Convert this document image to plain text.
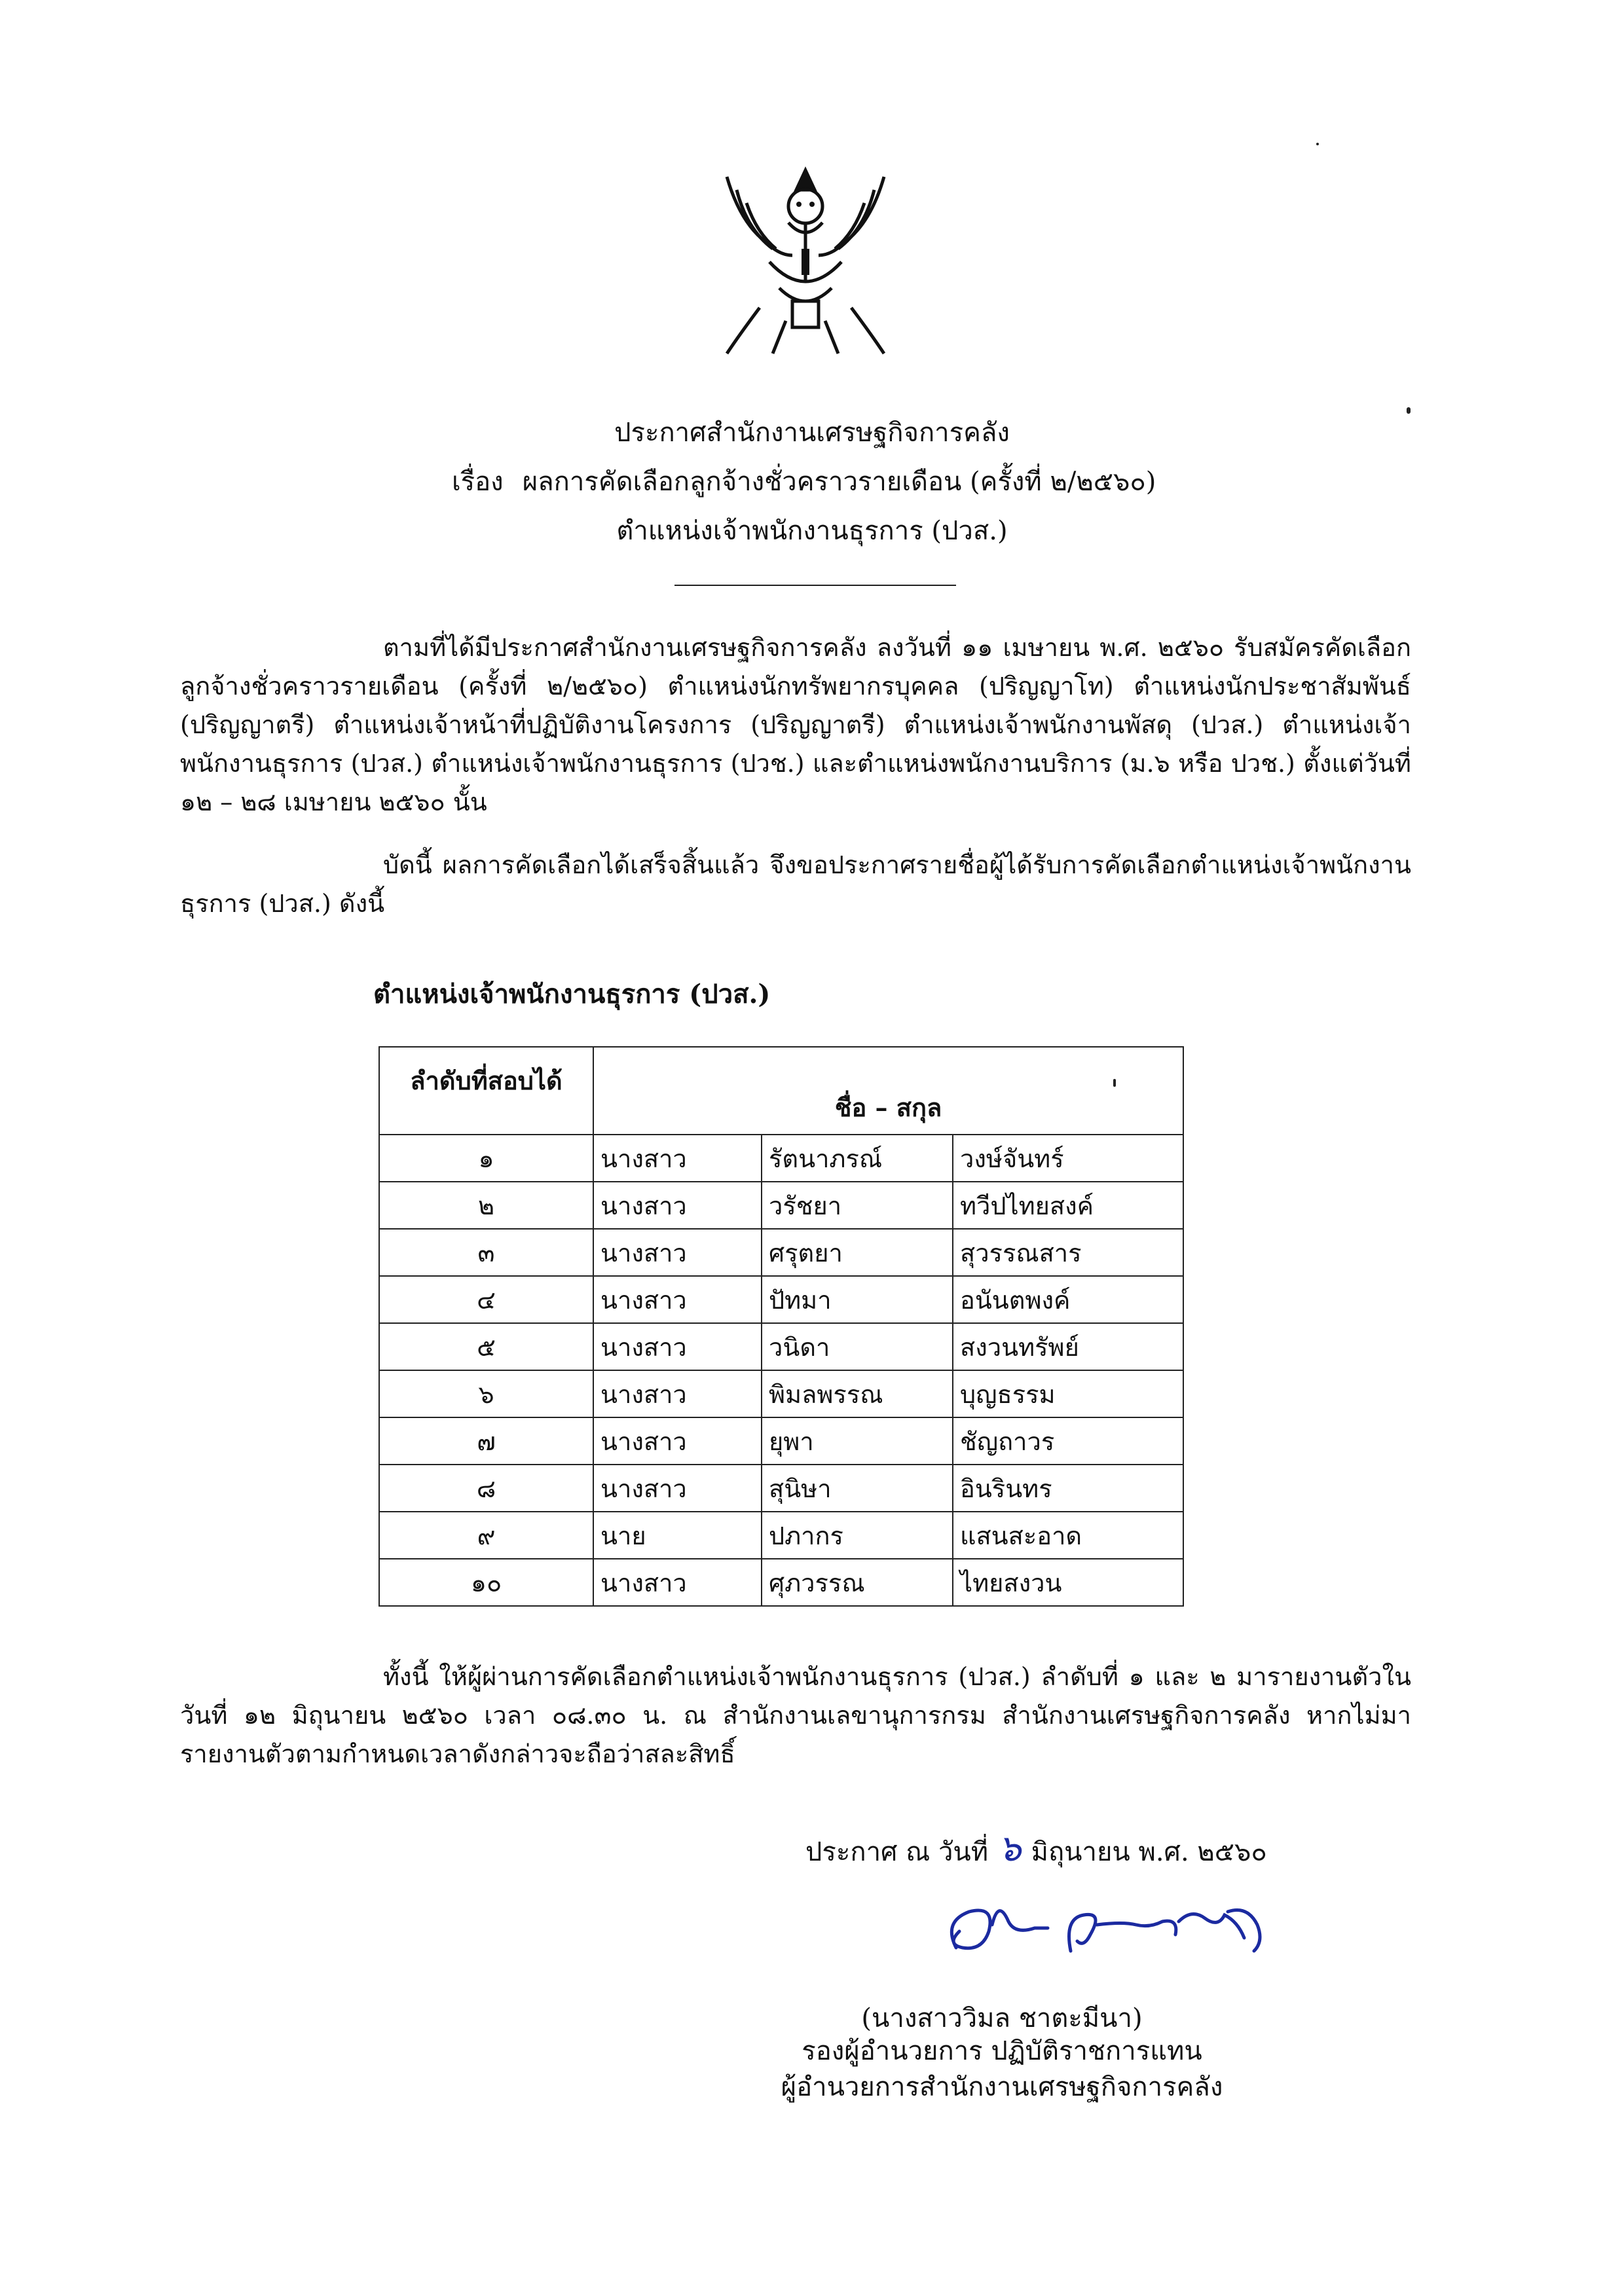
ประกาศสำนักงานเศรษฐกิจการคลัง
เรื่อง ผลการคัดเลือกลูกจ้างชั่วคราวรายเดือน (ครั้งที่ ๒/๒๕๖๐)
ตำแหน่งเจ้าพนักงานธุรการ (ปวส.)
ตามที่ได้มีประกาศสำนักงานเศรษฐกิจการคลัง ลงวันที่ ๑๑ เมษายน พ.ศ. ๒๕๖๐ รับสมัครคัดเลือกลูกจ้างชั่วคราวรายเดือน (ครั้งที่ ๒/๒๕๖๐) ตำแหน่งนักทรัพยากรบุคคล (ปริญญาโท) ตำแหน่งนักประชาสัมพันธ์ (ปริญญาตรี) ตำแหน่งเจ้าหน้าที่ปฏิบัติงานโครงการ (ปริญญาตรี) ตำแหน่งเจ้าพนักงานพัสดุ (ปวส.) ตำแหน่งเจ้าพนักงานธุรการ (ปวส.) ตำแหน่งเจ้าพนักงานธุรการ (ปวช.) และตำแหน่งพนักงานบริการ (ม.๖ หรือ ปวช.) ตั้งแต่วันที่ ๑๒ – ๒๘ เมษายน ๒๕๖๐ นั้น
บัดนี้ ผลการคัดเลือกได้เสร็จสิ้นแล้ว จึงขอประกาศรายชื่อผู้ได้รับการคัดเลือกตำแหน่งเจ้าพนักงานธุรการ (ปวส.) ดังนี้
ตำแหน่งเจ้าพนักงานธุรการ (ปวส.)
ลำดับที่สอบได้	ชื่อ – สกุล		
๑	นางสาว	รัตนาภรณ์	วงษ์จันทร์
๒	นางสาว	วรัชยา	ทวีปไทยสงค์
๓	นางสาว	ศรุตยา	สุวรรณสาร
๔	นางสาว	ปัทมา	อนันตพงค์
๕	นางสาว	วนิดา	สงวนทรัพย์
๖	นางสาว	พิมลพรรณ	บุญธรรม
๗	นางสาว	ยุพา	ชัญถาวร
๘	นางสาว	สุนิษา	อินรินทร
๙	นาย	ปภากร	แสนสะอาด
๑๐	นางสาว	ศุภวรรณ	ไทยสงวน
ทั้งนี้ ให้ผู้ผ่านการคัดเลือกตำแหน่งเจ้าพนักงานธุรการ (ปวส.) ลำดับที่ ๑ และ ๒ มารายงานตัวในวันที่ ๑๒ มิถุนายน ๒๕๖๐ เวลา ๐๘.๓๐ น. ณ สำนักงานเลขานุการกรม สำนักงานเศรษฐกิจการคลัง หากไม่มารายงานตัวตามกำหนดเวลาดังกล่าวจะถือว่าสละสิทธิ์
ประกาศ ณ วันที่ ๖ มิถุนายน พ.ศ. ๒๕๖๐
(นางสาววิมล ชาตะมีนา)
รองผู้อำนวยการ ปฏิบัติราชการแทน
ผู้อำนวยการสำนักงานเศรษฐกิจการคลัง
